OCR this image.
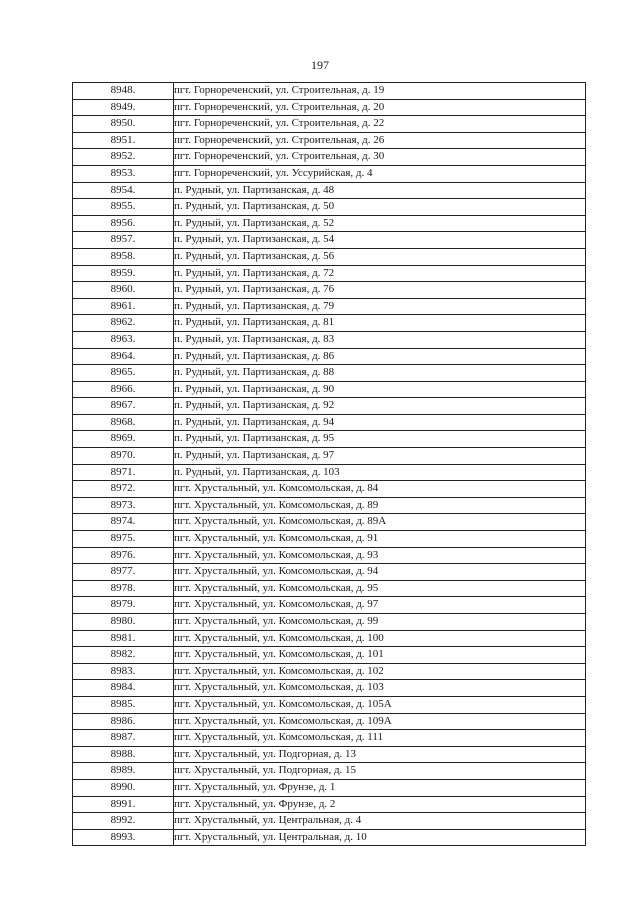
197
8948.	пгт. Горнореченский, ул. Строительная, д. 19
8949.	пгт. Горнореченский, ул. Строительная, д. 20
8950.	пгт. Горнореченский, ул. Строительная, д. 22
8951.	пгт. Горнореченский, ул. Строительная, д. 26
8952.	пгт. Горнореченский, ул. Строительная, д. 30
8953.	пгт. Горнореченский, ул. Уссурийская, д. 4
8954.	п. Рудный, ул. Партизанская, д. 48
8955.	п. Рудный, ул. Партизанская, д. 50
8956.	п. Рудный, ул. Партизанская, д. 52
8957.	п. Рудный, ул. Партизанская, д. 54
8958.	п. Рудный, ул. Партизанская, д. 56
8959.	п. Рудный, ул. Партизанская, д. 72
8960.	п. Рудный, ул. Партизанская, д. 76
8961.	п. Рудный, ул. Партизанская, д. 79
8962.	п. Рудный, ул. Партизанская, д. 81
8963.	п. Рудный, ул. Партизанская, д. 83
8964.	п. Рудный, ул. Партизанская, д. 86
8965.	п. Рудный, ул. Партизанская, д. 88
8966.	п. Рудный, ул. Партизанская, д. 90
8967.	п. Рудный, ул. Партизанская, д. 92
8968.	п. Рудный, ул. Партизанская, д. 94
8969.	п. Рудный, ул. Партизанская, д. 95
8970.	п. Рудный, ул. Партизанская, д. 97
8971.	п. Рудный, ул. Партизанская, д. 103
8972.	пгт. Хрустальный, ул. Комсомольская, д. 84
8973.	пгт. Хрустальный, ул. Комсомольская, д. 89
8974.	пгт. Хрустальный, ул. Комсомольская, д. 89А
8975.	пгт. Хрустальный, ул. Комсомольская, д. 91
8976.	пгт. Хрустальный, ул. Комсомольская, д. 93
8977.	пгт. Хрустальный, ул. Комсомольская, д. 94
8978.	пгт. Хрустальный, ул. Комсомольская, д. 95
8979.	пгт. Хрустальный, ул. Комсомольская, д. 97
8980.	пгт. Хрустальный, ул. Комсомольская, д. 99
8981.	пгт. Хрустальный, ул. Комсомольская, д. 100
8982.	пгт. Хрустальный, ул. Комсомольская, д. 101
8983.	пгт. Хрустальный, ул. Комсомольская, д. 102
8984.	пгт. Хрустальный, ул. Комсомольская, д. 103
8985.	пгт. Хрустальный, ул. Комсомольская, д. 105А
8986.	пгт. Хрустальный, ул. Комсомольская, д. 109А
8987.	пгт. Хрустальный, ул. Комсомольская, д. 111
8988.	пгт. Хрустальный, ул. Подгорная, д. 13
8989.	пгт. Хрустальный, ул. Подгорная, д. 15
8990.	пгт. Хрустальный, ул. Фрунзе, д. 1
8991.	пгт. Хрустальный, ул. Фрунзе, д. 2
8992.	пгт. Хрустальный, ул. Центральная, д. 4
8993.	пгт. Хрустальный, ул. Центральная, д. 10
